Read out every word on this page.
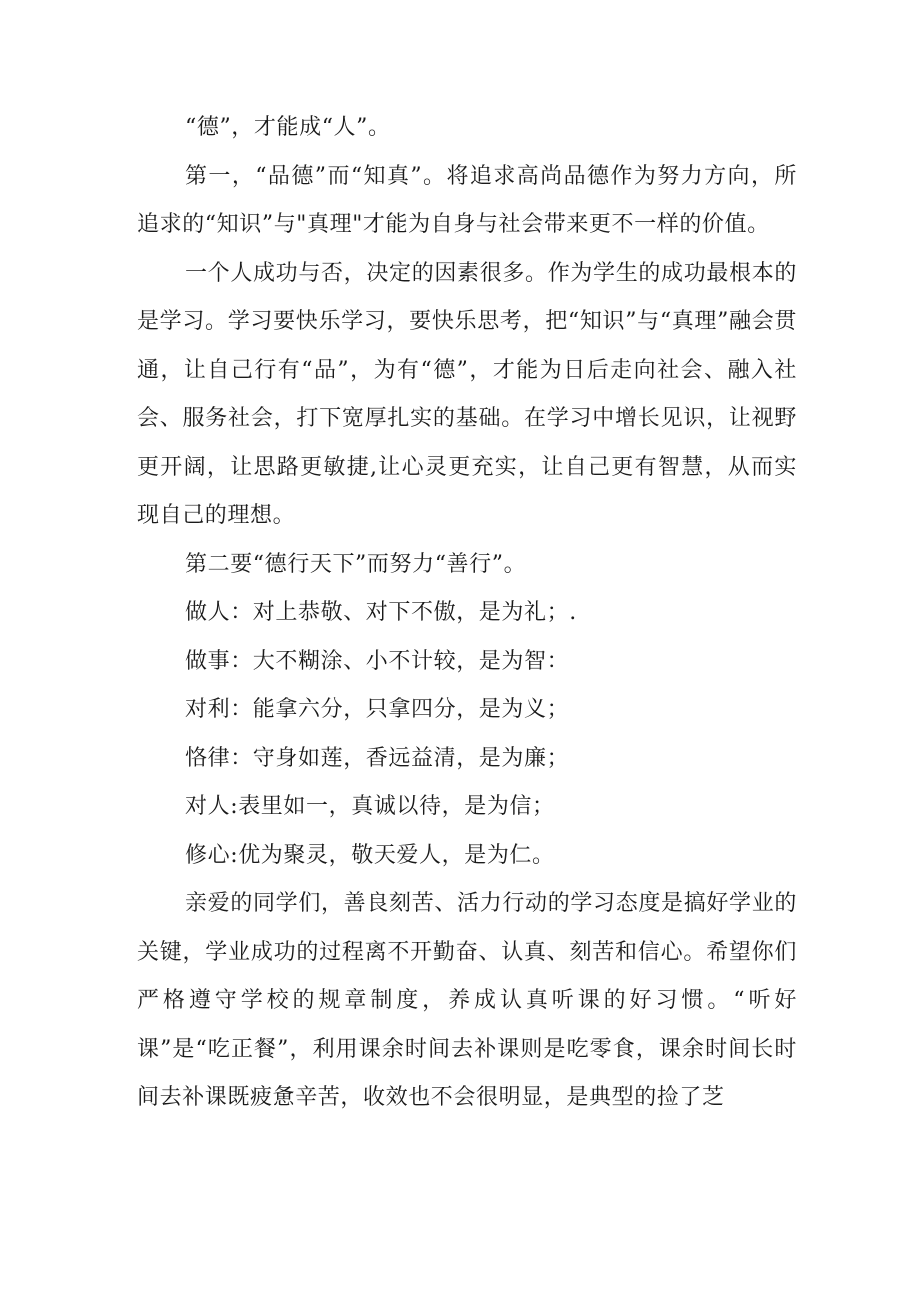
“德”，才能成“人”。

第一，“品德”而“知真”。将追求高尚品德作为努力方向，所追求的“知识”与"真理"才能为自身与社会带来更不一样的价值。

一个人成功与否，决定的因素很多。作为学生的成功最根本的是学习。学习要快乐学习，要快乐思考，把“知识”与“真理”融会贯通，让自己行有“品”，为有“德”，才能为日后走向社会、融入社会、服务社会，打下宽厚扎实的基础。在学习中增长见识，让视野更开阔，让思路更敏捷,让心灵更充实，让自己更有智慧，从而实现自己的理想。

第二要“德行天下”而努力“善行”。

做人：对上恭敬、对下不傲，是为礼；.

做事：大不糊涂、小不计较，是为智：

对利：能拿六分，只拿四分，是为义；

恪律：守身如莲，香远益清，是为廉；

对人:表里如一，真诚以待，是为信；

修心:优为聚灵，敬天爱人，是为仁。

亲爱的同学们，善良刻苦、活力行动的学习态度是搞好学业的关键，学业成功的过程离不开勤奋、认真、刻苦和信心。希望你们严格遵守学校的规章制度，养成认真听课的好习惯。“听好课”是“吃正餐”，利用课余时间去补课则是吃零食，课余时间长时间去补课既疲惫辛苦，收效也不会很明显，是典型的捡了芝
